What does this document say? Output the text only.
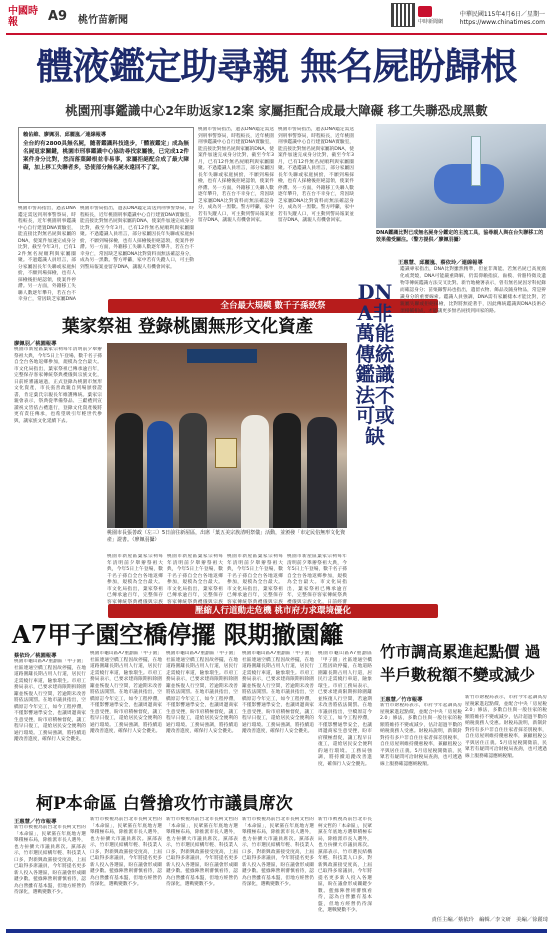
中國時報	A9 桃竹苗新聞	中時新聞網
中華民國115年4月6日／星期一
https://www.chinatimes.com
體液鑑定助尋親 無名屍盼歸根
桃園刑事鑑識中心2年助返家12案 家屬拒配合成最大障礙 移工失聯恐成黑數
賴佑維、廖姵羽、邱麗嵐／連線報導
全台約有2800具無名屍，隨著鑑識科技進步，「體液鑑定」成為無名屍返家關鍵，桃園市刑事鑑識中心協助尋找家屬後，已完成12件案件身分比對，然而落葉歸根並非易事，家屬拒絕配合成了最大障礙，加上移工失聯者多，恐使部分無名屍永遠回不了家。
桃園市警局指出，過去DNA鑑定需送到刑事警察局，時程較長，近年桃園刑事鑑識中心自行建置DNA實驗室，能直接比對無名屍與家屬的DNA，使案件加速完成身分比對，截至今年3月，已有12件無名屍順利與家屬團聚。不過鑑識人員坦言，部分家屬因長年失聯或家庭糾紛，不願到場採檢，也有人採檢後拒絕認領，使案件停滯。另一方面，外籍移工失聯人數逐年攀升，若在台不幸身亡，常因缺乏家屬DNA
桃園市警局指出，過去DNA鑑定需送到刑事警察局，時程較長，近年桃園刑事鑑識中心自行建置DNA實驗室，能直接比對無名屍與家屬的DNA，使案件加速完成身分比對，截至今年3月，已有12件無名屍順利與家屬團聚。不過鑑識人員坦言，部分家屬因長年失聯或家庭糾紛，不願到場採檢，也有人採檢後拒絕認領，使案件停滯。另一方面，外籍移工失聯人數逐年攀升，若在台不幸身亡，常因缺乏家屬DNA比對資料而無法確認身分，成為另一黑數。警方呼籲，家中若有失蹤人口，可主動到警局報案並留存DNA，讓親人有機會回家。
桃園市警局指出，過去DNA鑑定需送到刑事警察局，時程較長，近年桃園刑事鑑識中心自行建置DNA實驗室，能直接比對無名屍與家屬的DNA，使案件加速完成身分比對，截至今年3月，已有12件無名屍順利與家屬團聚。不過鑑識人員坦言，部分家屬因長年失聯或家庭糾紛，不願到場採檢，也有人採檢後拒絕認領，使案件停滯。另一方面，外籍移工失聯人數逐年攀升，若在台不幸身亡，常因缺乏家屬DNA比對資料而無法確認身分，成為另一黑數。警方呼籲，家中若有失蹤人口，可主動到警局報案並留存DNA，讓親人有機會回家。
桃園市警局指出，過去DNA鑑定需送到刑事警察局，時程較長，近年桃園刑事鑑識中心自行建置DNA實驗室，能直接比對無名屍與家屬的DNA，使案件加速完成身分比對，截至今年3月，已有12件無名屍順利與家屬團聚。不過鑑識人員坦言，部分家屬因長年失聯或家庭糾紛，不願到場採檢，也有人採檢後拒絕認領，使案件停滯。另一方面，外籍移工失聯人數逐年攀升，若在台不幸身亡，常因缺乏家屬DNA比對資料而無法確認身分，成為另一黑數。警方呼籲，家中若有失蹤人口，可主動到警局報案並留存DNA，讓親人有機會回家。
DNA鑑識比對已成無名屍身分鑑定的主流工具，協尋親人與在台失聯移工的效果備受關注。（警方提供／廖姵羽攝）
全台最大規模 數千子孫致祭
葉家祭祖 登錄桃園無形文化資產
廖姵羽／桃園報導
桃園市新屋區葉家宗祠每年清明前夕舉辦祭祖大典，今年5日上午登場，數千名子孫自全台各地返鄉參加，規模為全台最大。市文化局指出，葉家祭祖已傳承逾百年，完整保存客家傳統祭典禮儀與宗族文化，日前經審議通過，正式登錄為桃園市無形文化資產，市長張善政親自到場頒發證書，肯定葉氏宗親長年維護傳統。葉家宗親會表示，祭典從準備祭品、三獻禮到宣讀祝文皆依古禮進行，登錄文化資產後將更有責任傳承，也希望吸引年輕世代參與，讓家族文化延續下去。
桃園市長張善政（左三）5日前往新屋區，出席「葉五美宗族清明祭儀」活動，並頒發「市定民俗無形文化資產」證書。（廖姵羽攝）
桃園市新屋區葉家宗祠每年清明前夕舉辦祭祖大典，今年5日上午登場，數千名子孫自全台各地返鄉參加，規模為全台最大。市文化局指出，葉家祭祖已傳承逾百年，完整保存客家傳統祭典禮儀與宗族
桃園市新屋區葉家宗祠每年清明前夕舉辦祭祖大典，今年5日上午登場，數千名子孫自全台各地返鄉參加，規模為全台最大。市文化局指出，葉家祭祖已傳承逾百年，完整保存客家傳統祭典禮儀與宗族
桃園市新屋區葉家宗祠每年清明前夕舉辦祭祖大典，今年5日上午登場，數千名子孫自全台各地返鄉參加，規模為全台最大。市文化局指出，葉家祭祖已傳承逾百年，完整保存客家傳統祭典禮儀與宗族
桃園市新屋區葉家宗祠每年清明前夕舉辦祭祖大典，今年5日上午登場，數千名子孫自全台各地返鄉參加，規模為全台最大。市文化局指出，葉家祭祖已傳承逾百年，完整保存客家傳統祭典禮儀與宗族文化，日前經審
王惠慧、邱麗嵐、蔡依玲／連線報導
DNA非萬能 傳統鑑識法不可或缺
鑑識專家指出，DNA比對雖然精準，但並非萬能。若無名屍已高度腐化或焚燒，DNA可能嚴重降解，仍需仰賴指紋、齒模、骨骼特徵及遺物等傳統鑑識方法交叉比對。新竹地檢署表示，曾有無名屍因牙科紀錄而確認身分；苗栗縣警局也指出，遺留衣物、飾品及隨身物品，常是辨識身分的重要線索。鑑識人員強調，DNA需有家屬樣本才能比對，若親屬失聯或拒絕採檢，比對將無從著手，因此傳統鑑識與DNA技術必須相輔相成，才能讓更多無名屍找到回家的路。
壓縮人行道動走危機 桃市府力求環境優化
A7甲子園空橋停擺 限期撤園籬
蔡依玲／桃園報導
桃園市龜山區A7重劃區「甲子園」社區連通空橋工程因故停擺，在地道路圍籬長期占用人行道，居民行走需繞行車道，險象環生。市府工務局表示，已要求建商限期拆除圍籬並恢復人行空間，若逾期未改善將依法開罰。在地市議員指出，空橋原訂今年完工，如今工程停滯，不僅影響通學安全，也讓周邊商家生意受挫，盼市府積極督促，讓工程早日復工，還給居民安全便利的通行環境。工務局強調，將持續追蹤改善進度，確保行人安全優先。
桃園市龜山區A7重劃區「甲子園」社區連通空橋工程因故停擺，在地道路圍籬長期占用人行道，居民行走需繞行車道，險象環生。市府工務局表示，已要求建商限期拆除圍籬並恢復人行空間，若逾期未改善將依法開罰。在地市議員指出，空橋原訂今年完工，如今工程停滯，不僅影響通學安全，也讓周邊商家生意受挫，盼市府積極督促，讓工程早日復工，還給居民安全便利的通行環境。工務局強調，將持續追蹤改善進度，確保行人安全優先。
桃園市龜山區A7重劃區「甲子園」社區連通空橋工程因故停擺，在地道路圍籬長期占用人行道，居民行走需繞行車道，險象環生。市府工務局表示，已要求建商限期拆除圍籬並恢復人行空間，若逾期未改善將依法開罰。在地市議員指出，空橋原訂今年完工，如今工程停滯，不僅影響通學安全，也讓周邊商家生意受挫，盼市府積極督促，讓工程早日復工，還給居民安全便利的通行環境。工務局強調，將持續追蹤改善進度，確保行人安全優先。
桃園市龜山區A7重劃區「甲子園」社區連通空橋工程因故停擺，在地道路圍籬長期占用人行道，居民行走需繞行車道，險象環生。市府工務局表示，已要求建商限期拆除圍籬並恢復人行空間，若逾期未改善將依法開罰。在地市議員指出，空橋原訂今年完工，如今工程停滯，不僅影響通學安全，也讓周邊商家生意受挫，盼市府積極督促，讓工程早日復工，還給居民安全便利的通行環境。工務局強調，將持續追蹤改善進度，確保行人安全優先。
桃園市龜山區A7重劃區「甲子園」社區連通空橋工程因故停擺，在地道路圍籬長期占用人行道，居民行走需繞行車道，險象環生。市府工務局表示，已要求建商限期拆除圍籬並恢復人行空間，若逾期未改善將依法開罰。在地市議員指出，空橋原訂今年完工，如今工程停滯，不僅影響通學安全，也讓周邊商家生意受挫，盼市府積極督促，讓工程早日復工，還給居民安全便利的通行環境。工務局強調，將持續追蹤改善進度，確保行人安全優先。
柯P本命區 白營搶攻竹市議員席次
王惠慧／竹市報導
新竹市被視為前台北市長柯文哲的「本命區」，民眾黨在年底地方選舉積極布局，除推派市長人選外，也力拚擴大市議員席次。黨部表示，竹市選民結構年輕、科技業人口多，對新興政黨接受度高，上屆已取得多席議員，今年將提名更多新人投入各選區，盼在議會形成關鍵少數。藍綠陣營則審慎看待，認為白營雖有基本盤，但地方經營仍待深化，選戰變數不少。
新竹市被視為前台北市長柯文哲的「本命區」，民眾黨在年底地方選舉積極布局，除推派市長人選外，也力拚擴大市議員席次。黨部表示，竹市選民結構年輕、科技業人口多，對新興政黨接受度高，上屆已取得多席議員，今年將提名更多新人投入各選區，盼在議會形成關鍵少數。藍綠陣營則審慎看待，認為白營雖有基本盤，但地方經營仍待深化，選戰變數不少。
新竹市被視為前台北市長柯文哲的「本命區」，民眾黨在年底地方選舉積極布局，除推派市長人選外，也力拚擴大市議員席次。黨部表示，竹市選民結構年輕、科技業人口多，對新興政黨接受度高，上屆已取得多席議員，今年將提名更多新人投入各選區，盼在議會形成關鍵少數。藍綠陣營則審慎看待，認為白營雖有基本盤，但地方經營仍待深化，選戰變數不少。
新竹市被視為前台北市長柯文哲的「本命區」，民眾黨在年底地方選舉積極布局，除推派市長人選外，也力拚擴大市議員席次。黨部表示，竹市選民結構年輕、科技業人口多，對新興政黨接受度高，上屆已取得多席議員，今年將提名更多新人投入各選區，盼在議會形成關鍵少數。藍綠陣營則審慎看待，認為白營雖有基本盤，但地方經營仍待深化，選戰變數不少。
新竹市被視為前台北市長柯文哲的「本命區」，民眾黨在年底地方選舉積極布局，除推派市長人選外，也力拚擴大市議員席次。黨部表示，竹市選民結構年輕、科技業人口多，對新興政黨接受度高，上屆已取得多席議員，今年將提名更多新人投入各選區，盼在議會形成關鍵少數。藍綠陣營則審慎看待，認為白營雖有基本盤，但地方經營仍待深化，選戰變數不少。
竹市調高累進起點價 過半戶數稅額不變或減少
王惠慧／竹市報導
新竹市財稅局表示，市府今年起調高房屋稅累進起點價，並配合中央「房屋稅2.0」修法，多數自住與一般住家的稅額將維持不變或減少，估計超過半數的納稅義務人受惠。財稅局說明，新制針對持有多戶非自住住家者採差別稅率，自住房屋則維持優惠稅率，兼顧租稅公平與居住正義。5月房屋稅開徵前，民眾若有疑問可洽財稅局查詢，也可透過線上服務確認應納稅額。
新竹市財稅局表示，市府今年起調高房屋稅累進起點價，並配合中央「房屋稅2.0」修法，多數自住與一般住家的稅額將維持不變或減少，估計超過半數的納稅義務人受惠。財稅局說明，新制針對持有多戶非自住住家者採差別稅率，自住房屋則維持優惠稅率，兼顧租稅公平與居住正義。5月房屋稅開徵前，民眾若有疑問可洽財稅局查詢，也可透過線上服務確認應納稅額。
責任主編／蔡依玲　編輯／李文研　美編／徐麗琦
